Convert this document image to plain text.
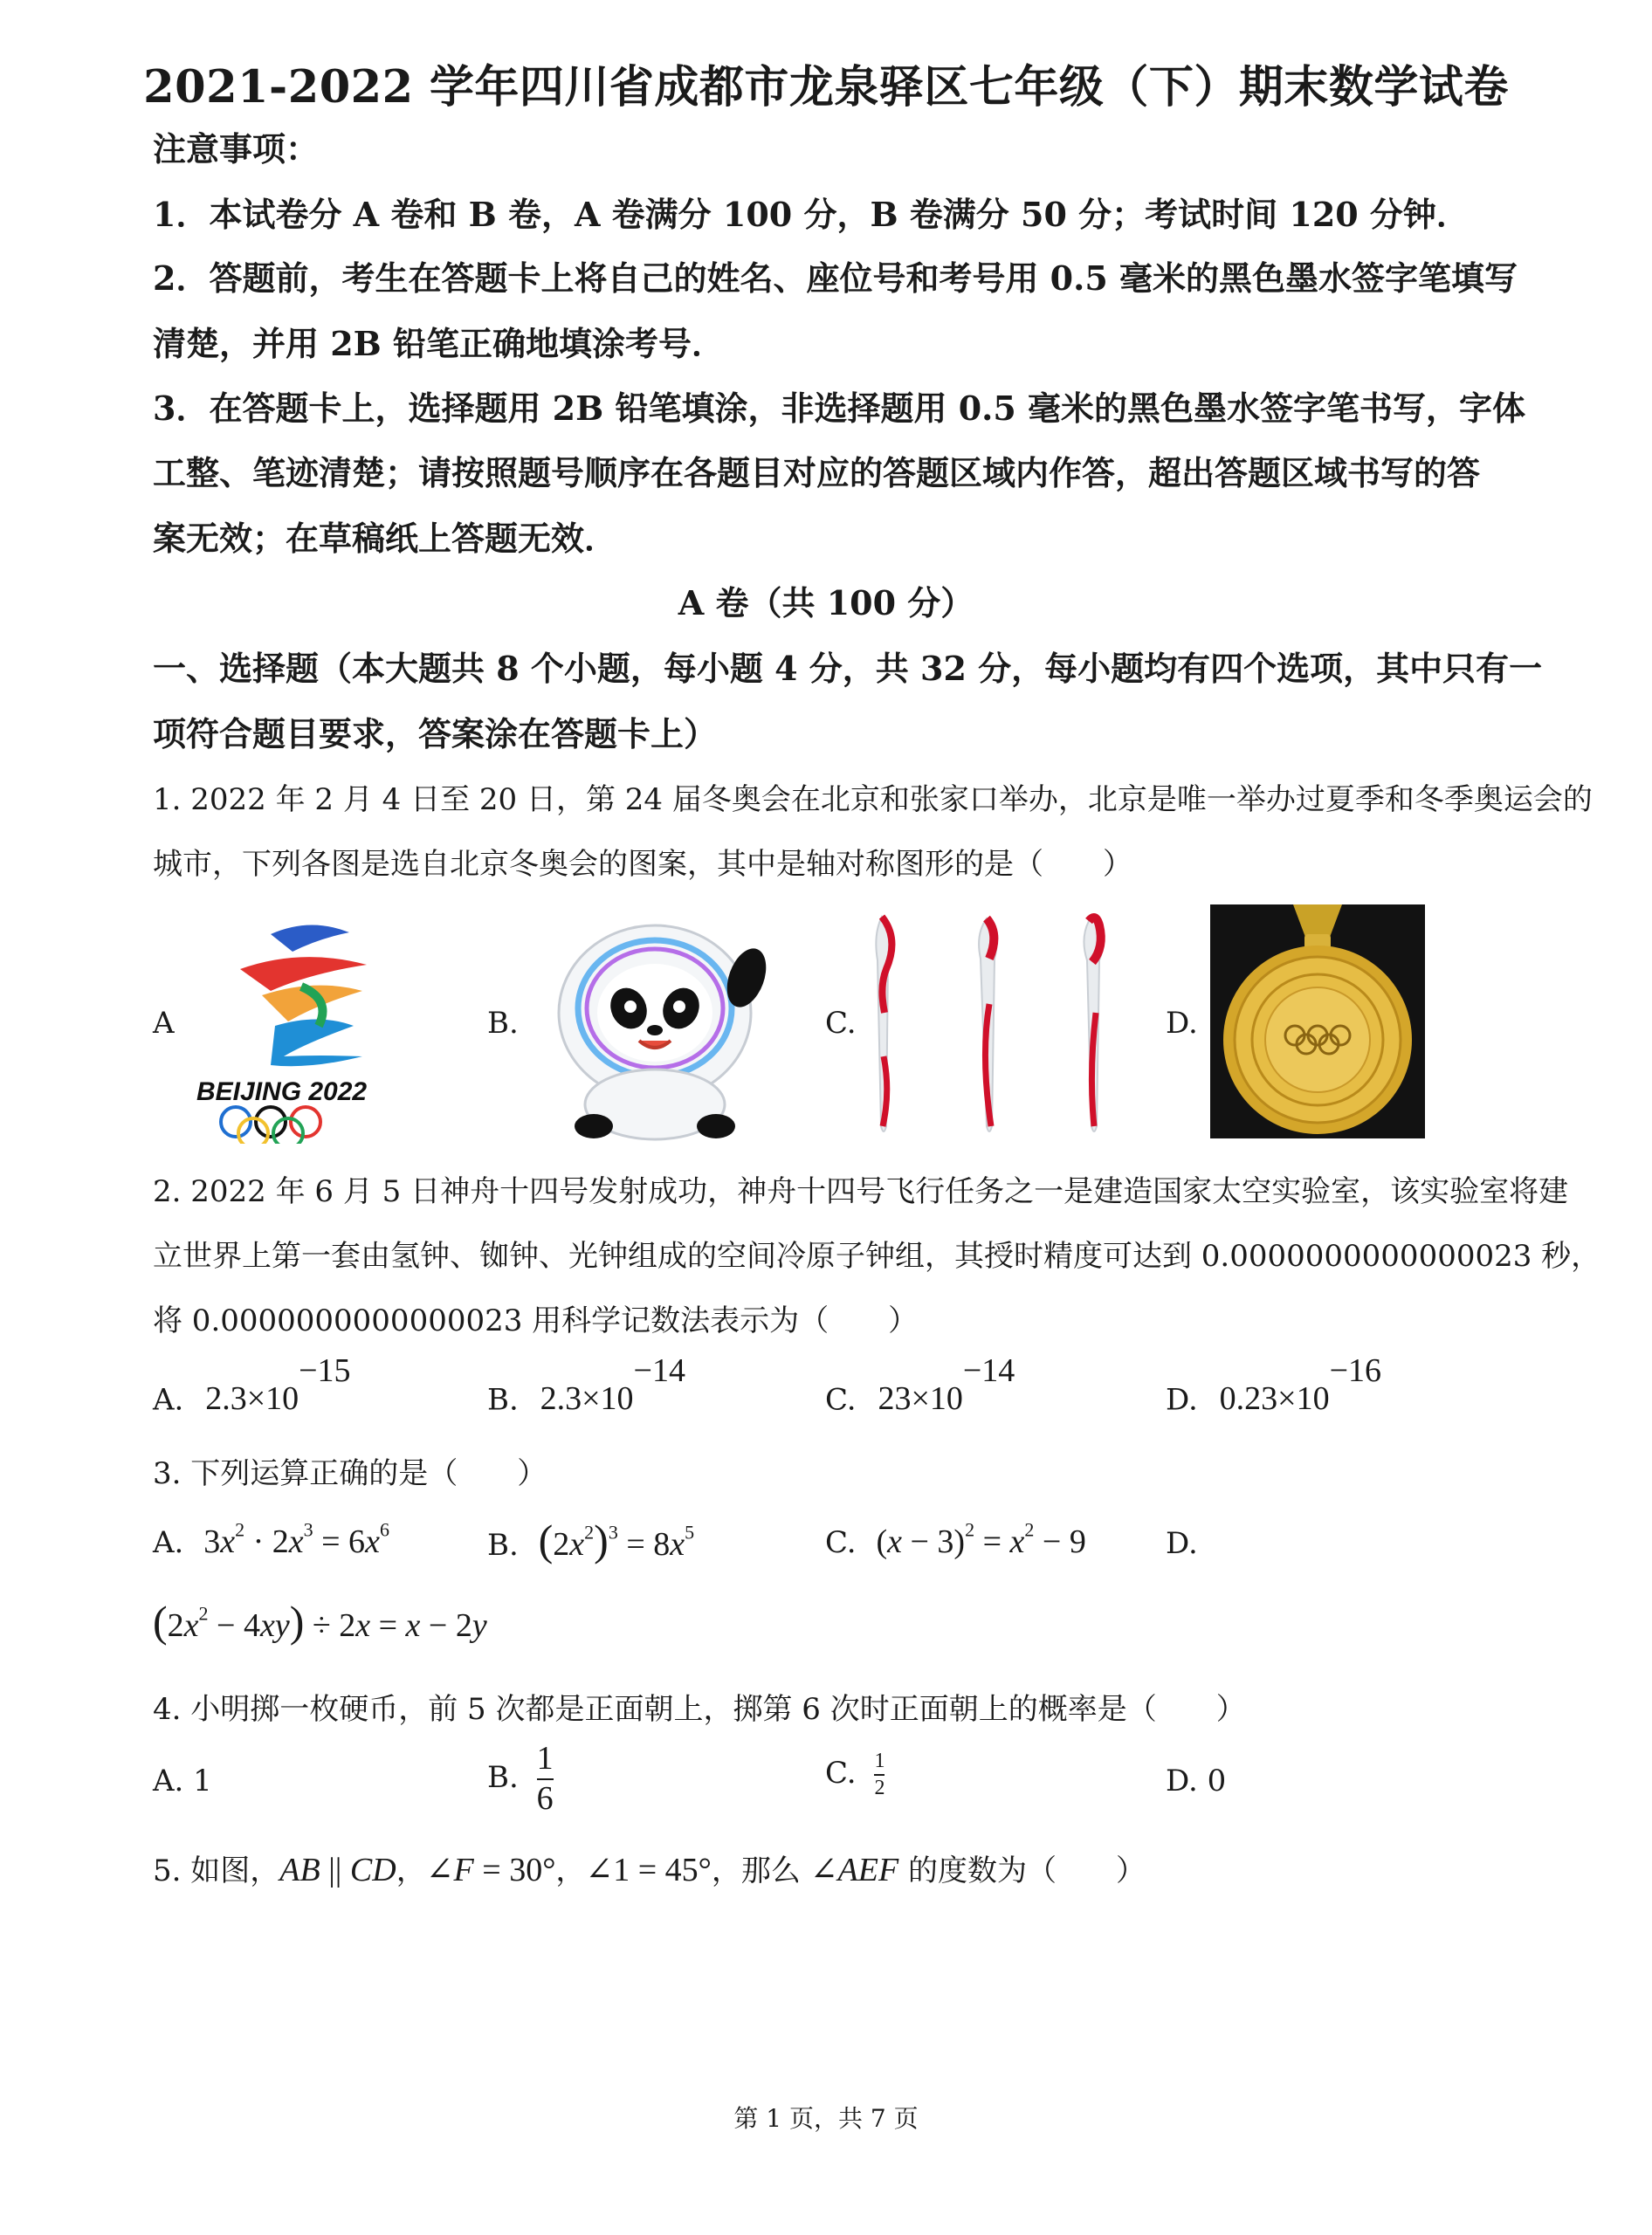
2021-2022 学年四川省成都市龙泉驿区七年级（下）期末数学试卷
注意事项：
1．本试卷分 A 卷和 B 卷，A 卷满分 100 分，B 卷满分 50 分；考试时间 120 分钟．
2．答题前，考生在答题卡上将自己的姓名、座位号和考号用 0.5 毫米的黑色墨水签字笔填写
清楚，并用 2B 铅笔正确地填涂考号．
3．在答题卡上，选择题用 2B 铅笔填涂，非选择题用 0.5 毫米的黑色墨水签字笔书写，字体
工整、笔迹清楚；请按照题号顺序在各题目对应的答题区域内作答，超出答题区域书写的答
案无效；在草稿纸上答题无效．
A 卷（共 100 分）
一、选择题（本大题共 8 个小题，每小题 4 分，共 32 分，每小题均有四个选项，其中只有一
项符合题目要求，答案涂在答题卡上）
1. 2022 年 2 月 4 日至 20 日，第 24 届冬奥会在北京和张家口举办，北京是唯一举办过夏季和冬季奥运会的
城市，下列各图是选自北京冬奥会的图案，其中是轴对称图形的是（　　）
A
BEIJING 2022
B.	C.	D.
2. 2022 年 6 月 5 日神舟十四号发射成功，神舟十四号飞行任务之一是建造国家太空实验室，该实验室将建
立世界上第一套由氢钟、铷钟、光钟组成的空间冷原子钟组，其授时精度可达到 0.0000000000000023 秒，
将 0.0000000000000023 用科学记数法表示为（　　）
A. $2.3\times 10^{-15}$
B. $2.3\times 10^{-14}$
C. $23\times 10^{-14}$
D. $0.23\times 10^{-16}$
3. 下列运算正确的是（　　）
A. $3x^2 \cdot 2x^3 = 6x^6$	B. $(2x^2)^3 = 8x^5$	C. $(x - 3)^2 = x^2 - 9$	D.
$(2x^2 - 4xy) \div 2x = x - 2y$
4. 小明掷一枚硬币，前 5 次都是正面朝上，掷第 6 次时正面朝上的概率是（　　）
A. 1	B. $\frac{1}{6}$	C. $\frac{1}{2}$	D. 0
5. 如图，AB || CD，∠F = 30°，∠1 = 45°，那么 ∠AEF 的度数为（　　）
第 1 页，共 7 页
